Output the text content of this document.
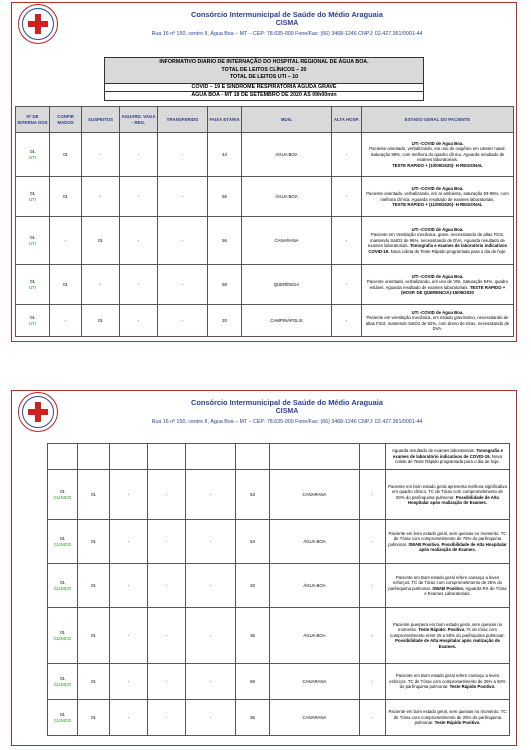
Consórcio Intermunicipal de Saúde do Médio Araguaia
CISMA
Rua 16 nº 150, centro II, Água Boa – MT – CEP: 78.635-000 Fone/Fax: (66) 3468-1246 CNPJ: 02.427.361/0001-44
INFORMATIVO DIARIO DE INTERNAÇÃO DO HOSPITAL REGIONAL DE ÁGUA BOA.
TOTAL DE LEITOS CLÍNICOS – 20
TOTAL DE LEITOS UTI – 10
COVID – 19 E SINDROME RESPIRATÓRIA AGUDA GRAVE
ÁGUA BOA - MT 18 DE SETEMBRO DE 2020 ÀS 09h00min
Nº DE INTERNA DOS	CONFIR MADOS	SUSPEITOS	AGUARD. VAGA - REG.	TRANSFERIDO	FAIXA ETÁRIA	MUN.	ALTA HOSP.	ESTADO GERAL DO PACIENTE
01
UTI	01	-	-	-	43	ÁGUA BOA	-	UTI -COVID de Água Boa.
Paciente orientado, verbalizando, em uso de oxigênio em cateter nasal. Saturação 98%, com melhora do quadro clínico. Aguarda resultado de exames laboratoriais.
TESTE RAPIDO + (10/09/2020)- H REGIONAL
01
UTI	01	-	-	-	65	ÁGUA BOA	-	UTI -COVID de Água Boa.
Paciente orientado, verbalizando, em ar ambiente, saturação 93-95%, com melhora clínica. Aguarda resultado de exames laboratoriais.
TESTE RÁPIDO + (11/09/2020)- H REGIONAL
01
UTI	-	01	-	-	56	CANARANA	-	UTI -COVID de Água Boa.
Paciente em Ventilação mecânica, grave, necessitando de altas FiO2, mantendo SatO2 de 96%, necessitando de DVA. Aguarda resultado de exames laboratoriais. Tomografia e exames de laboratório indicativos COVID-19. Nova coleta de Teste Rápido programada para o dia de hoje.
01
UTI	01	-	-	-	68	QUERÊNCIA	-	UTI -COVID de Água Boa.
Paciente orientado, verbalizando, em uso de VNI, Saturação 94%, quadro estável. Aguarda resultado de exames laboratoriais. TESTE RAPIDO + (HOSP. DE QUERENCIA)-15/09/2020
01
UTI	-	01	-	-	20	CAMPINÁPOLIS	-	UTI -COVID de Água Boa.
Paciente em ventilação mecânica, em estado gravíssimo, necessitando de altas FiO2, mantendo SatO2 de 92%, com dreno de tórax, necessitando de DVA.
Consórcio Intermunicipal de Saúde do Médio Araguaia
CISMA
Rua 16 nº 150, centro II, Água Boa – MT – CEP: 78.635-000 Fone/Fax: (66) 3468-1246 CNPJ: 02.427.361/0001-44
								Aguarda resultado de exames laboratoriais. Tomografia e exames de laboratório indicativos de COVID-19. Nova coleta de Teste Rápido programada para o dia de hoje.
01
CLÍNICO	01	-	-	-	63	CANARANA	-	Paciente em bom estado geral apresenta melhora significativa em quadro clínico. TC de Tórax com comprometimento de 50% do parênquima pulmonar. Possibilidade de Alta Hospitalar após realização de Exames.
01
CLÍNICO	01	-	-	-	53	ÁGUA BOA	-	Paciente em bom estado geral, sem queixas no momento. TC de Tórax com comprometimento de 75% do parênquima pulmonar. SWAB Positivo. Possibilidade de Alta Hospitalar após realização de Exames.
01
CLÍNICO	01	-	-	-	33	ÁGUA BOA	-	Paciente em Bom estado geral refere cansaço a leves esforços. TC de Tórax com comprometimento de 25% do parênquima pulmonar. SWAB Positivo. Aguarda RX de Tórax e Exames Laboratoriais.
01
CLÍNICO	01	-	-	-	36	ÁGUA BOA	-	Paciente puerpera em bom estado geral, sem queixas no momento. Teste Rápido: Positivo. Tc de tórax com comprometimento entre 25 a 50% do parênquima pulmonar. Possibilidade de Alta Hospitalar após realização de Exames.
01
CLÍNICO	01	-	-	-	59	CANARANA	-	Paciente em Bom estado geral refere cansaço a leves esforços. TC de Tórax com comprometimento de 25% a 50% do parênquima pulmonar. Teste Rápido Positivo.
01
CLÍNICO	01	-	-	-	36	CANARANA	-	Paciente em bom estado geral, sem queixas no momento. TC de Tórax com comprometimento de 25% do parênquima pulmonar. Teste Rápido Positivo.
